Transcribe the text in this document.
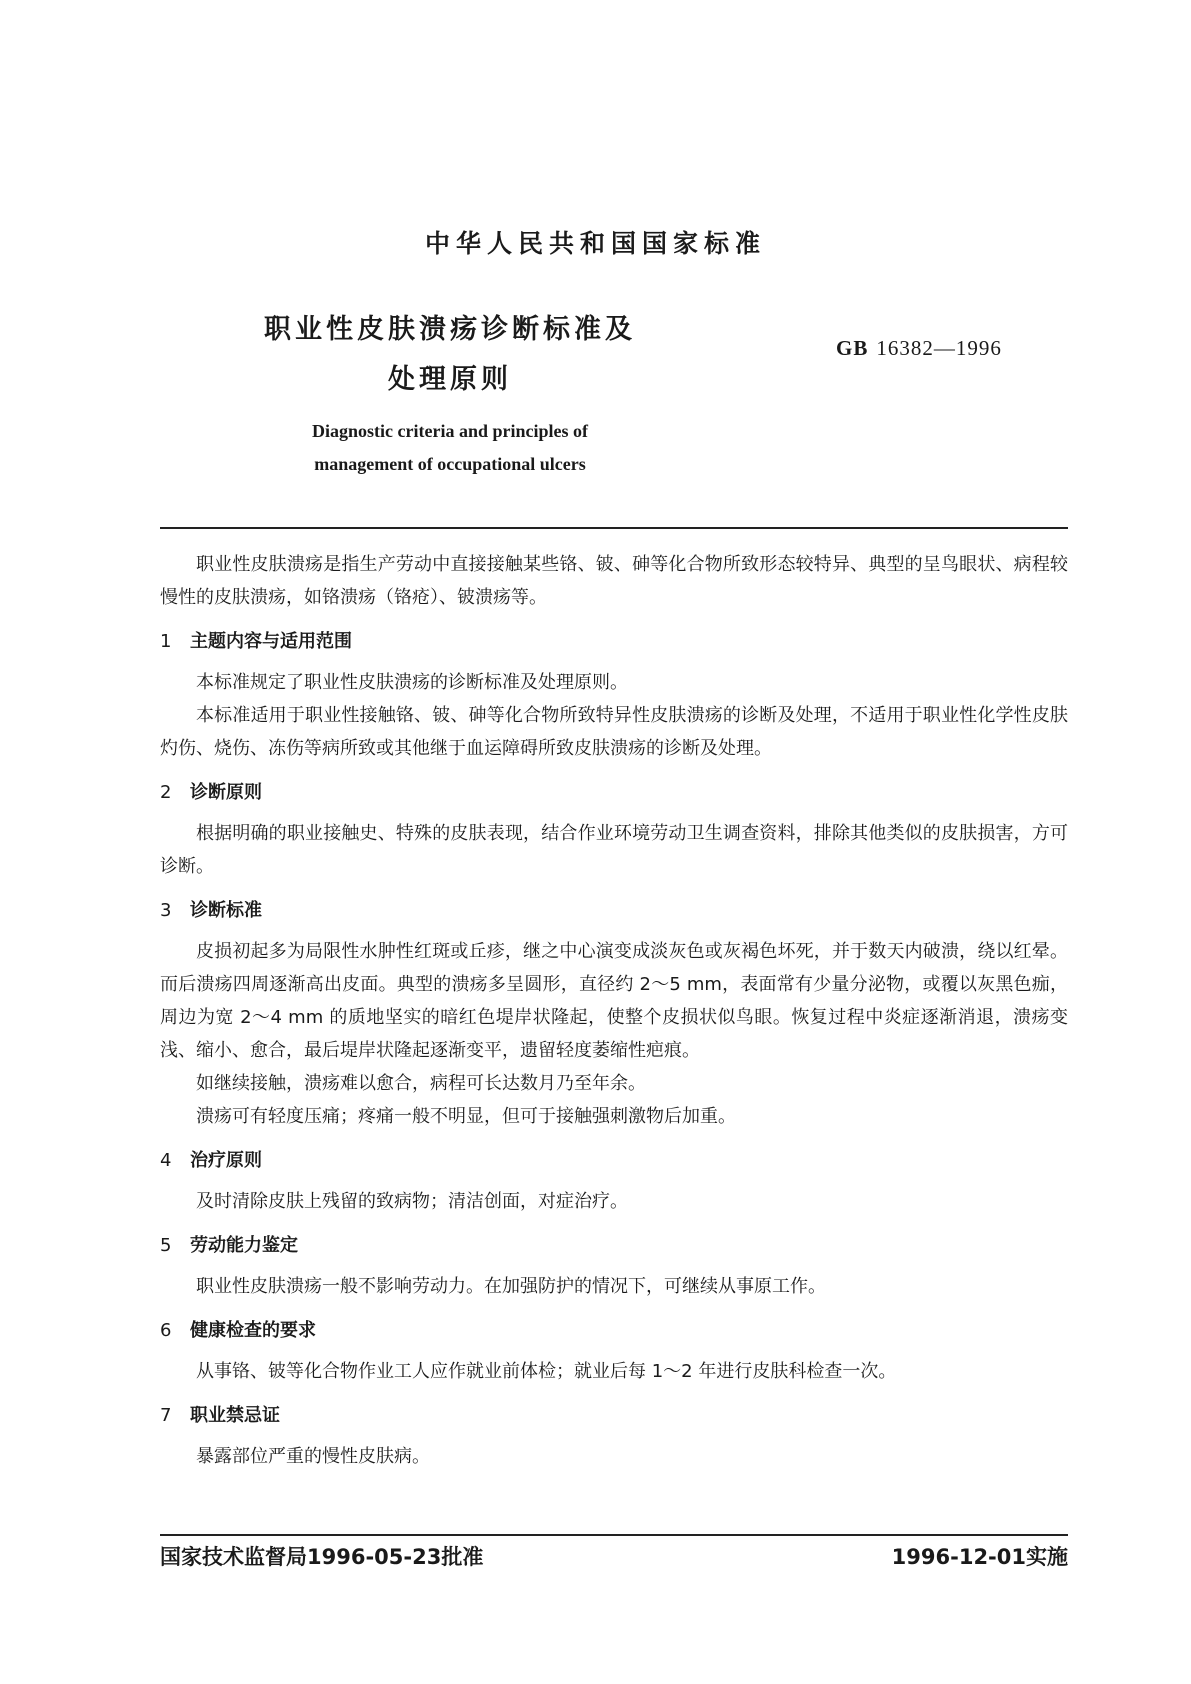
中华人民共和国国家标准
职业性皮肤溃疡诊断标准及
处理原则
GB 16382—1996
Diagnostic criteria and principles of
management of occupational ulcers

职业性皮肤溃疡是指生产劳动中直接接触某些铬、铍、砷等化合物所致形态较特异、典型的呈鸟眼状、病程较慢性的皮肤溃疡，如铬溃疡（铬疮）、铍溃疡等。

1 主题内容与适用范围

本标准规定了职业性皮肤溃疡的诊断标准及处理原则。

本标准适用于职业性接触铬、铍、砷等化合物所致特异性皮肤溃疡的诊断及处理，不适用于职业性化学性皮肤灼伤、烧伤、冻伤等病所致或其他继于血运障碍所致皮肤溃疡的诊断及处理。

2 诊断原则

根据明确的职业接触史、特殊的皮肤表现，结合作业环境劳动卫生调查资料，排除其他类似的皮肤损害，方可诊断。

3 诊断标准

皮损初起多为局限性水肿性红斑或丘疹，继之中心演变成淡灰色或灰褐色坏死，并于数天内破溃，绕以红晕。而后溃疡四周逐渐高出皮面。典型的溃疡多呈圆形，直径约 2～5 mm，表面常有少量分泌物，或覆以灰黑色痂，周边为宽 2～4 mm 的质地坚实的暗红色堤岸状隆起，使整个皮损状似鸟眼。恢复过程中炎症逐渐消退，溃疡变浅、缩小、愈合，最后堤岸状隆起逐渐变平，遗留轻度萎缩性疤痕。

如继续接触，溃疡难以愈合，病程可长达数月乃至年余。

溃疡可有轻度压痛；疼痛一般不明显，但可于接触强刺激物后加重。

4 治疗原则

及时清除皮肤上残留的致病物；清洁创面，对症治疗。

5 劳动能力鉴定

职业性皮肤溃疡一般不影响劳动力。在加强防护的情况下，可继续从事原工作。

6 健康检查的要求

从事铬、铍等化合物作业工人应作就业前体检；就业后每 1～2 年进行皮肤科检查一次。

7 职业禁忌证

暴露部位严重的慢性皮肤病。

国家技术监督局1996-05-23批准	1996-12-01实施
